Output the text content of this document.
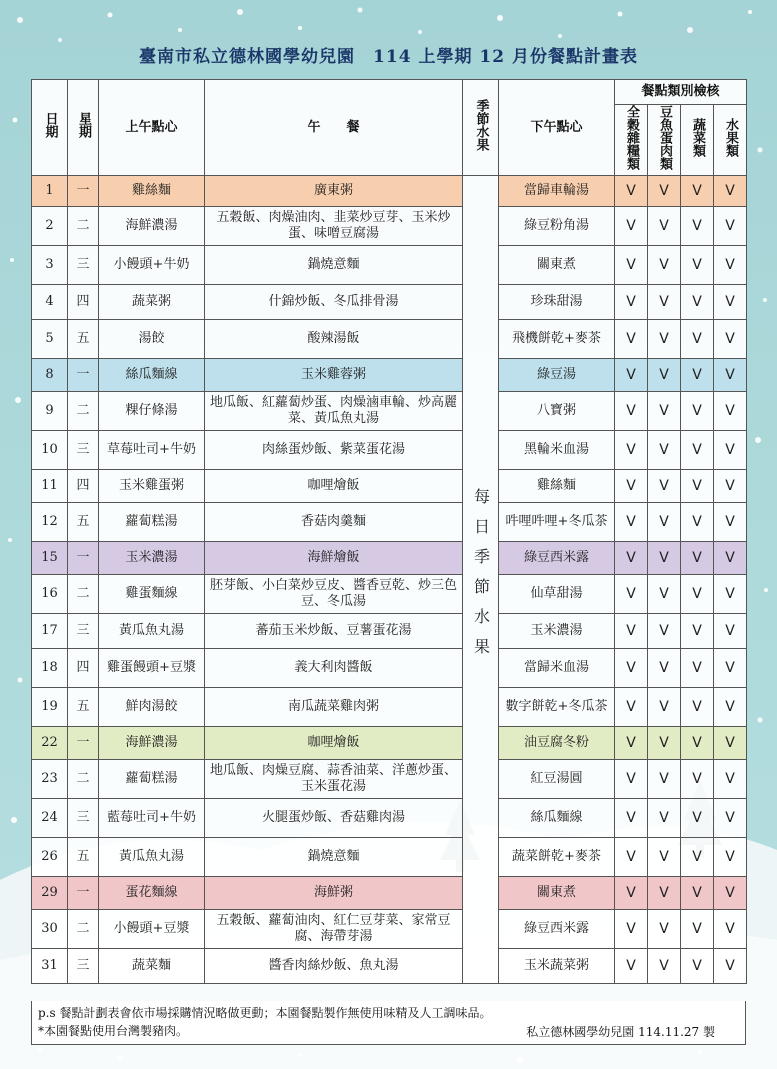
臺南市私立德林國學幼兒園　114 上學期 12 月份餐點計畫表
日期	星期	上午點心	午　　餐	季節水果	下午點心	餐點類別檢核			
						全穀雜糧類	豆魚蛋肉類	蔬菜類	水果類
1	一	雞絲麵	廣東粥	每日季節水果	當歸車輪湯	V	V	V	V
2	二	海鮮濃湯	五穀飯、肉燥油肉、韭菜炒豆芽、玉米炒蛋、味噌豆腐湯		綠豆粉角湯	V	V	V	V
3	三	小饅頭+牛奶	鍋燒意麵		關東煮	V	V	V	V
4	四	蔬菜粥	什錦炒飯、冬瓜排骨湯		珍珠甜湯	V	V	V	V
5	五	湯餃	酸辣湯飯		飛機餅乾+麥茶	V	V	V	V
8	一	絲瓜麵線	玉米雞蓉粥		綠豆湯	V	V	V	V
9	二	粿仔條湯	地瓜飯、紅蘿蔔炒蛋、肉燥滷車輪、炒高麗菜、黃瓜魚丸湯		八寶粥	V	V	V	V
10	三	草莓吐司+牛奶	肉絲蛋炒飯、紫菜蛋花湯		黑輪米血湯	V	V	V	V
11	四	玉米雞蛋粥	咖哩燴飯		雞絲麵	V	V	V	V
12	五	蘿蔔糕湯	香菇肉羹麵		吽哩吽哩+冬瓜茶	V	V	V	V
15	一	玉米濃湯	海鮮燴飯		綠豆西米露	V	V	V	V
16	二	雞蛋麵線	胚芽飯、小白菜炒豆皮、醬香豆乾、炒三色豆、冬瓜湯		仙草甜湯	V	V	V	V
17	三	黃瓜魚丸湯	蕃茄玉米炒飯、豆薯蛋花湯		玉米濃湯	V	V	V	V
18	四	雞蛋饅頭+豆漿	義大利肉醬飯		當歸米血湯	V	V	V	V
19	五	鮮肉湯餃	南瓜蔬菜雞肉粥		數字餅乾+冬瓜茶	V	V	V	V
22	一	海鮮濃湯	咖哩燴飯		油豆腐冬粉	V	V	V	V
23	二	蘿蔔糕湯	地瓜飯、肉燥豆腐、蒜香油菜、洋蔥炒蛋、玉米蛋花湯		紅豆湯圓	V	V	V	V
24	三	藍莓吐司+牛奶	火腿蛋炒飯、香菇雞肉湯		絲瓜麵線	V	V	V	V
26	五	黃瓜魚丸湯	鍋燒意麵		蔬菜餅乾+麥茶	V	V	V	V
29	一	蛋花麵線	海鮮粥		關東煮	V	V	V	V
30	二	小饅頭+豆漿	五穀飯、蘿蔔油肉、紅仁豆芽菜、家常豆腐、海帶芽湯		綠豆西米露	V	V	V	V
31	三	蔬菜麵	醬香肉絲炒飯、魚丸湯		玉米蔬菜粥	V	V	V	V
p.s 餐點計劃表會依市場採購情況略做更動；本園餐點製作無使用味精及人工調味品。
*本園餐點使用台灣製豬肉。	私立德林國學幼兒園 114.11.27 製
